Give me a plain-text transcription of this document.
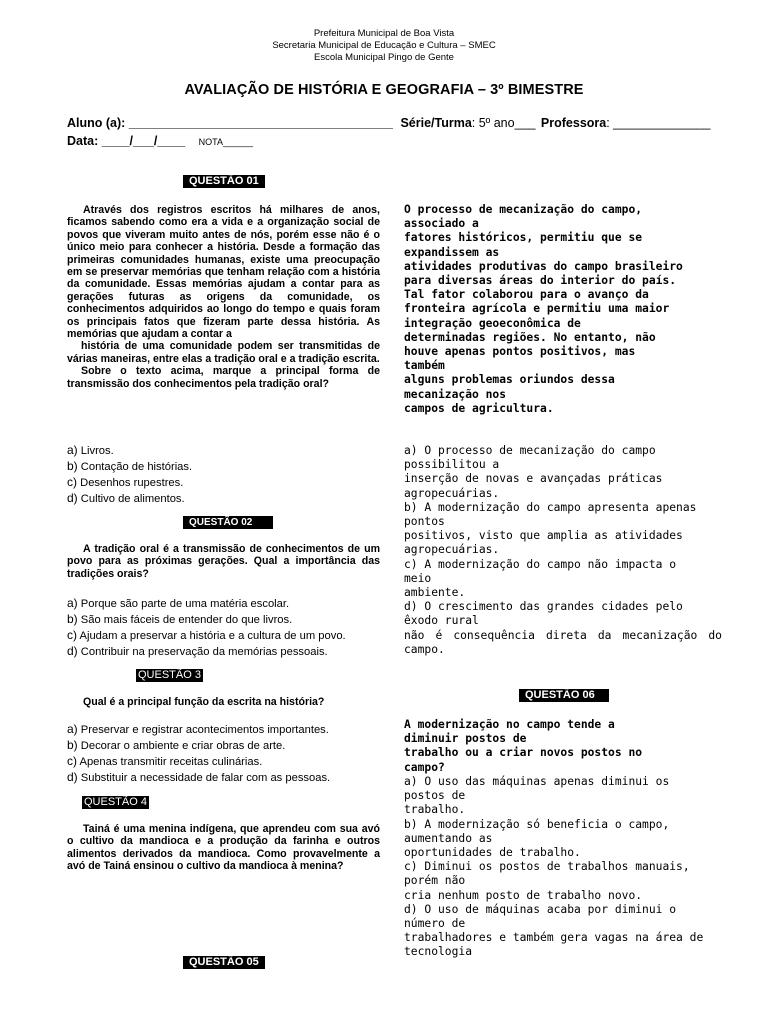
Prefeitura Municipal de Boa Vista
Secretaria Municipal de Educação e Cultura – SMEC
Escola Municipal Pingo de Gente
AVALIAÇÃO DE HISTÓRIA E GEOGRAFIA – 3º BIMESTRE
Aluno (a): ______________________________________ Série/Turma: 5º ano___ Professora: ______________
Data: ____/___/____ NOTA______
QUESTÃO 01

Através dos registros escritos há milhares de anos, ficamos sabendo como era a vida e a organização social de povos que viveram muito antes de nós, porém esse não é o único meio para conhecer a história. Desde a formação das primeiras comunidades humanas, existe uma preocupação em se preservar memórias que tenham relação com a história da comunidade. Essas memórias ajudam a contar para as gerações futuras as origens da comunidade, os conhecimentos adquiridos ao longo do tempo e quais foram os principais fatos que fizeram parte dessa história. As memórias que ajudam a contar a

história de uma comunidade podem ser transmitidas de várias maneiras, entre elas a tradição oral e a tradição escrita.

Sobre o texto acima, marque a principal forma de transmissão dos conhecimentos pela tradição oral?

a) Livros.
b) Contação de histórias.
c) Desenhos rupestres.
d) Cultivo de alimentos.
QUESTÃO 02

A tradição oral é a transmissão de conhecimentos de um povo para as próximas gerações. Qual a importância das tradições orais?

a) Porque são parte de uma matéria escolar.
b) São mais fáceis de entender do que livros.
c) Ajudam a preservar a história e a cultura de um povo.
d) Contribuir na preservação da memórias pessoais.
QUESTÃO 3

Qual é a principal função da escrita na história?

a) Preservar e registrar acontecimentos importantes.
b) Decorar o ambiente e criar obras de arte.
c) Apenas transmitir receitas culinárias.
d) Substituir a necessidade de falar com as pessoas.
QUESTÃO 4

Tainá é uma menina indígena, que aprendeu com sua avó o cultivo da mandioca e a produção da farinha e outros alimentos derivados da mandioca. Como provavelmente a avó de Tainá ensinou o cultivo da mandioca à menina?

QUESTÃO 05
O processo de mecanização do campo,
associado a
fatores históricos, permitiu que se
expandissem as
atividades produtivas do campo brasileiro
para diversas áreas do interior do país.
Tal fator colaborou para o avanço da
fronteira agrícola e permitiu uma maior
integração geoeconômica de
determinadas regiões. No entanto, não
houve apenas pontos positivos, mas
também
alguns problemas oriundos dessa
mecanização nos
campos de agricultura.
a) O processo de mecanização do campo
possibilitou a
inserção de novas e avançadas práticas
agropecuárias.
b) A modernização do campo apresenta apenas
pontos
positivos, visto que amplia as atividades
agropecuárias.
c) A modernização do campo não impacta o
meio
ambiente.
d) O crescimento das grandes cidades pelo
êxodo rural
não é consequência direta da mecanização do
campo.
QUESTÃO 06
A modernização no campo tende a
diminuir postos de
trabalho ou a criar novos postos no
campo?
a) O uso das máquinas apenas diminui os
postos de
trabalho.
b) A modernização só beneficia o campo,
aumentando as
oportunidades de trabalho.
c) Diminui os postos de trabalhos manuais,
porém não
cria nenhum posto de trabalho novo.
d) O uso de máquinas acaba por diminui o
número de
trabalhadores e também gera vagas na área de
tecnologia
